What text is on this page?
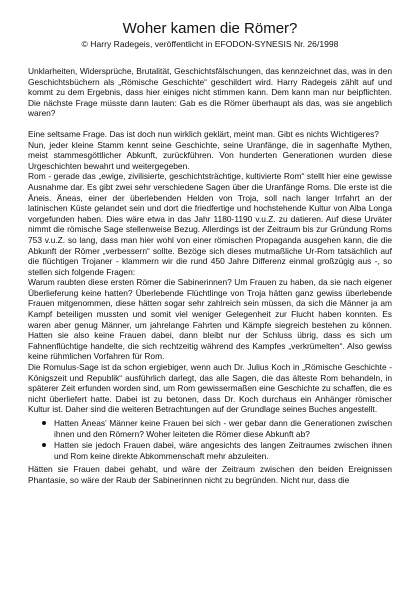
Woher kamen die Römer?
© Harry Radegeis, veröffentlicht in EFODON-SYNESIS Nr. 26/1998

Unklarheiten, Widersprüche, Brutalität, Geschichtsfälschungen, das kennzeichnet das, was in den Geschichtsbüchern als „Römische Geschichte“ geschildert wird. Harry Radegeis zählt auf und kommt zu dem Ergebnis, dass hier einiges nicht stimmen kann. Dem kann man nur beipflichten. Die nächste Frage müsste dann lauten: Gab es die Römer überhaupt als das, was sie angeblich waren?

Eine seltsame Frage. Das ist doch nun wirklich geklärt, meint man. Gibt es nichts Wichtigeres?

Nun, jeder kleine Stamm kennt seine Geschichte, seine Uranfänge, die in sagenhafte Mythen, meist stammesgöttlicher Abkunft, zurückführen. Von hunderten Generationen wurden diese Urgeschichten bewahrt und weitergegeben.

Rom - gerade das „ewige, zivilisierte, geschichtsträchtige, kultivierte Rom“ stellt hier eine gewisse Ausnahme dar. Es gibt zwei sehr verschiedene Sagen über die Uranfänge Roms. Die erste ist die Äneis. Äneas, einer der überlebenden Helden von Troja, soll nach langer Irrfahrt an der latinischen Küste gelandet sein und dort die friedfertige und hochstehende Kultur von Alba Longa vorgefunden haben. Dies wäre etwa in das Jahr 1180-1190 v.u.Z. zu datieren. Auf diese Urväter nimmt die römische Sage stellenweise Bezug. Allerdings ist der Zeitraum bis zur Gründung Roms 753 v.u.Z. so lang, dass man hier wohl von einer römischen Propaganda ausgehen kann, die die Abkunft der Römer „verbessern“ sollte. Bezöge sich dieses mutmaßliche Ur-Rom tatsächlich auf die flüchtigen Trojaner - klammern wir die rund 450 Jahre Differenz einmal großzügig aus -, so stellen sich folgende Fragen:

Warum raubten diese ersten Römer die Sabinerinnen? Um Frauen zu haben, da sie nach eigener Überlieferung keine hatten? Überlebende Flüchtlinge von Troja hätten ganz gewiss überlebende Frauen mitgenommen, diese hätten sogar sehr zahlreich sein müssen, da sich die Männer ja am Kampf beteiligen mussten und somit viel weniger Gelegenheit zur Flucht haben konnten. Es waren aber genug Männer, um jahrelange Fahrten und Kämpfe siegreich bestehen zu können. Hatten sie also keine Frauen dabei, dann bleibt nur der Schluss übrig, dass es sich um Fahnenflüchtige handelte, die sich rechtzeitig während des Kampfes „verkrümelten“. Also gewiss keine rühmlichen Vorfahren für Rom.

Die Romulus-Sage ist da schon ergiebiger, wenn auch Dr. Julius Koch in „Römische Geschichte - Königszeit und Republik“ ausführlich darlegt, das alle Sagen, die das älteste Rom behandeln, in späterer Zeit erfunden worden sind, um Rom gewissermaßen eine Geschichte zu schaffen, die es nicht überliefert hatte. Dabei ist zu betonen, dass Dr. Koch durchaus ein Anhänger römischer Kultur ist. Daher sind die weiteren Betrachtungen auf der Grundlage seines Buches angestellt.

Hatten Äneas’ Männer keine Frauen bei sich - wer gebar dann die Generationen zwischen ihnen und den Römern? Woher leiteten die Römer diese Abkunft ab?
Hatten sie jedoch Frauen dabei, wäre angesichts des langen Zeitraumes zwischen ihnen und Rom keine direkte Abkommenschaft mehr abzuleiten.

Hätten sie Frauen dabei gehabt, und wäre der Zeitraum zwischen den beiden Ereignissen Phantasie, so wäre der Raub der Sabinerinnen nicht zu begründen. Nicht nur, dass die
